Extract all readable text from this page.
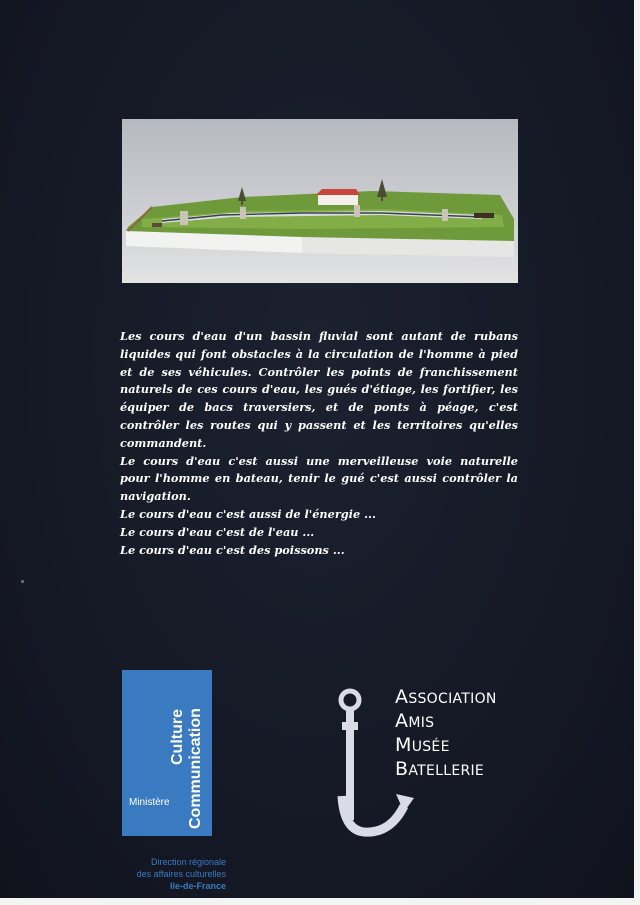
Les cours d'eau d'un bassin fluvial sont autant de rubans liquides qui font obstacles à la circulation de l'homme à pied et de ses véhicules. Contrôler les points de franchissement naturels de ces cours d'eau, les gués d'étiage, les fortifier, les équiper de bacs traversiers, et de ponts à péage, c'est contrôler les routes qui y passent et les territoires qu'elles commandent.

Le cours d'eau c'est aussi une merveilleuse voie naturelle pour l'homme en bateau, tenir le gué c'est aussi contrôler la navigation.

Le cours d'eau c'est aussi de l'énergie ...

Le cours d'eau c'est de l'eau ...

Le cours d'eau c'est des poissons ...

Ministère
Culture Communication
Direction régionale
des affaires culturelles
Ile-de-France
ASSOCIATION
AMIS
MUSÉE
BATELLERIE
